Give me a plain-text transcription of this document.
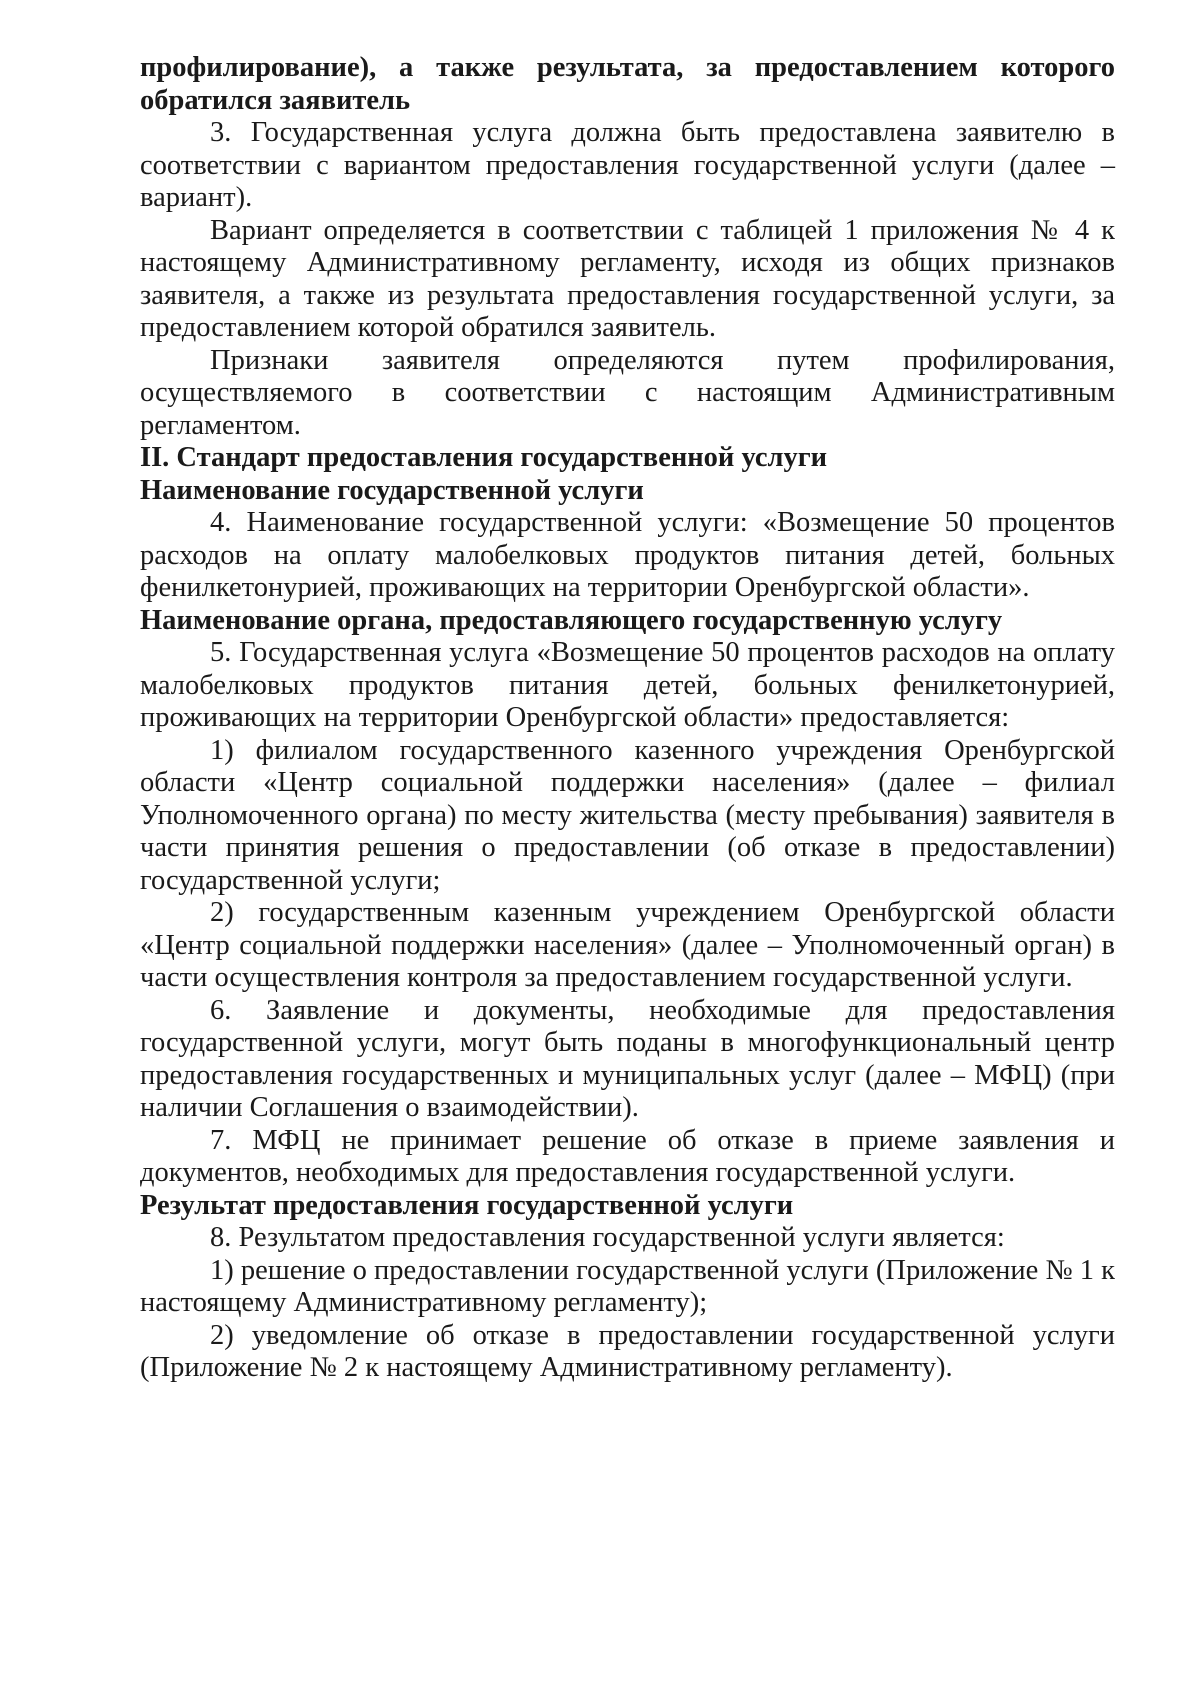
профилирование), а также результата, за предоставлением которого обратился заявитель

3. Государственная услуга должна быть предоставлена заявителю в соответствии с вариантом предоставления государственной услуги (далее – вариант).

Вариант определяется в соответствии с таблицей 1 приложения № 4 к настоящему Административному регламенту, исходя из общих признаков заявителя, а также из результата предоставления государственной услуги, за предоставлением которой обратился заявитель.

Признаки заявителя определяются путем профилирования, осуществляемого в соответствии с настоящим Административным регламентом.

II. Стандарт предоставления государственной услуги

Наименование государственной услуги

4. Наименование государственной услуги: «Возмещение 50 процентов расходов на оплату малобелковых продуктов питания детей, больных фенилкетонурией, проживающих на территории Оренбургской области».

Наименование органа, предоставляющего государственную услугу

5. Государственная услуга «Возмещение 50 процентов расходов на оплату малобелковых продуктов питания детей, больных фенилкетонурией, проживающих на территории Оренбургской области» предоставляется:

1) филиалом государственного казенного учреждения Оренбургской области «Центр социальной поддержки населения» (далее – филиал Уполномоченного органа) по месту жительства (месту пребывания) заявителя в части принятия решения о предоставлении (об отказе в предоставлении) государственной услуги;

2) государственным казенным учреждением Оренбургской области «Центр социальной поддержки населения» (далее – Уполномоченный орган) в части осуществления контроля за предоставлением государственной услуги.

6. Заявление и документы, необходимые для предоставления государственной услуги, могут быть поданы в многофункциональный центр предоставления государственных и муниципальных услуг (далее – МФЦ) (при наличии Соглашения о взаимодействии).

7. МФЦ не принимает решение об отказе в приеме заявления и документов, необходимых для предоставления государственной услуги.

Результат предоставления государственной услуги

8. Результатом предоставления государственной услуги является:

1) решение о предоставлении государственной услуги (Приложение № 1 к настоящему Административному регламенту);

2) уведомление об отказе в предоставлении государственной услуги (Приложение № 2 к настоящему Административному регламенту).
